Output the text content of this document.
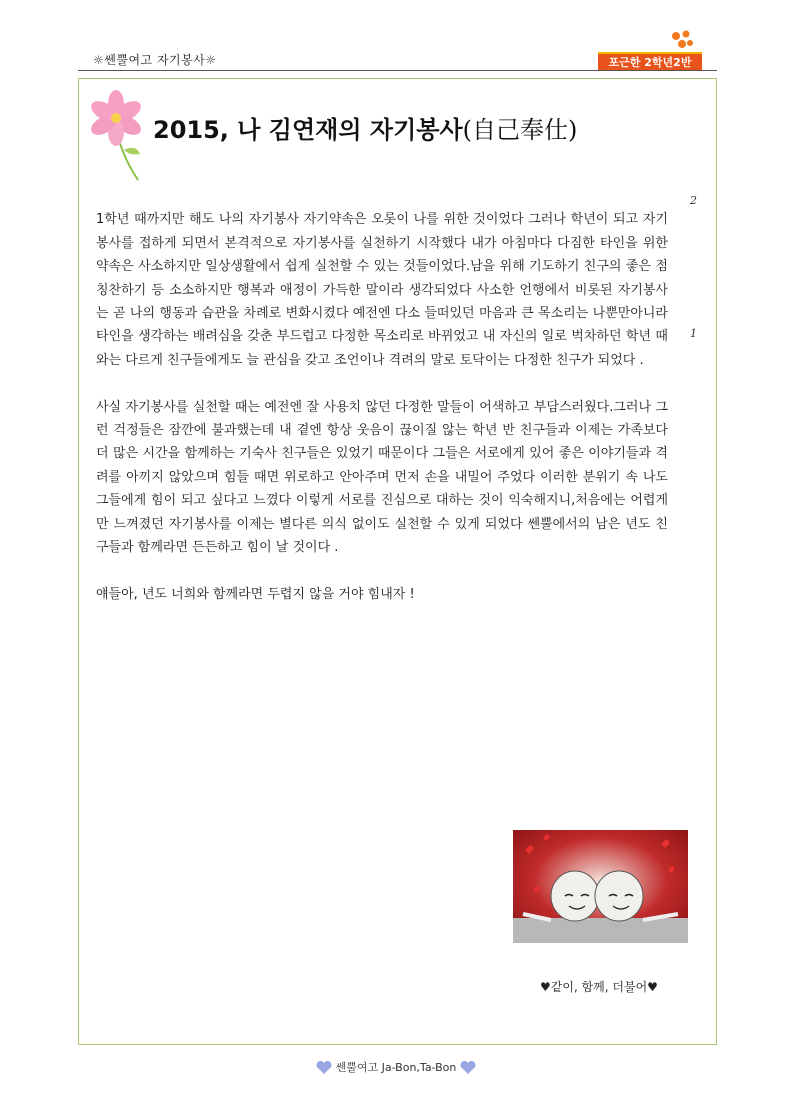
☼쎈뿔여고 자기봉사☼	포근한 2학년2반
2015, 나 김연재의 자기봉사(自己奉仕)

1학년 때까지만 해도 나의 자기봉사 자기약속은 오롯이 나를 위한 것이었다 그러나 학년이 되고 자기봉사를 접하게 되면서 본격적으로 자기봉사를 실천하기 시작했다 내가 아침마다 다짐한 타인을 위한 약속은 사소하지만 일상생활에서 쉽게 실천할 수 있는 것들이었다.남을 위해 기도하기 친구의 좋은 점 칭찬하기 등 소소하지만 행복과 애정이 가득한 말이라 생각되었다 사소한 언행에서 비롯된 자기봉사는 곧 나의 행동과 습관을 차례로 변화시켰다 예전엔 다소 들떠있던 마음과 큰 목소리는 나뿐만아니라 타인을 생각하는 배려심을 갖춘 부드럽고 다정한 목소리로 바뀌었고 내 자신의 일로 벅차하던 학년 때와는 다르게 친구들에게도 늘 관심을 갖고 조언이나 격려의 말로 토닥이는 다정한 친구가 되었다 .

사실 자기봉사를 실천할 때는 예전엔 잘 사용치 않던 다정한 말들이 어색하고 부담스러웠다.그러나 그런 걱정들은 잠깐에 불과했는데 내 곁엔 항상 웃음이 끊이질 않는 학년 반 친구들과 이제는 가족보다 더 많은 시간을 함께하는 기숙사 친구들은 있었기 때문이다 그들은 서로에게 있어 좋은 이야기들과 격려를 아끼지 않았으며 힘들 때면 위로하고 안아주며 먼저 손을 내밀어 주었다 이러한 분위기 속 나도 그들에게 힘이 되고 싶다고 느꼈다 이렇게 서로를 진심으로 대하는 것이 익숙해지니,처음에는 어렵게만 느껴졌던 자기봉사를 이제는 별다른 의식 없이도 실천할 수 있게 되었다 쎈뿔에서의 남은 년도 친구들과 함께라면 든든하고 힘이 날 것이다 .

얘들아, 년도 너희와 함께라면 두렵지 않을 거야 힘내자 !

2
1
♥같이, 함께, 더불어♥
쎈뿔여고 Ja-Bon,Ta-Bon
